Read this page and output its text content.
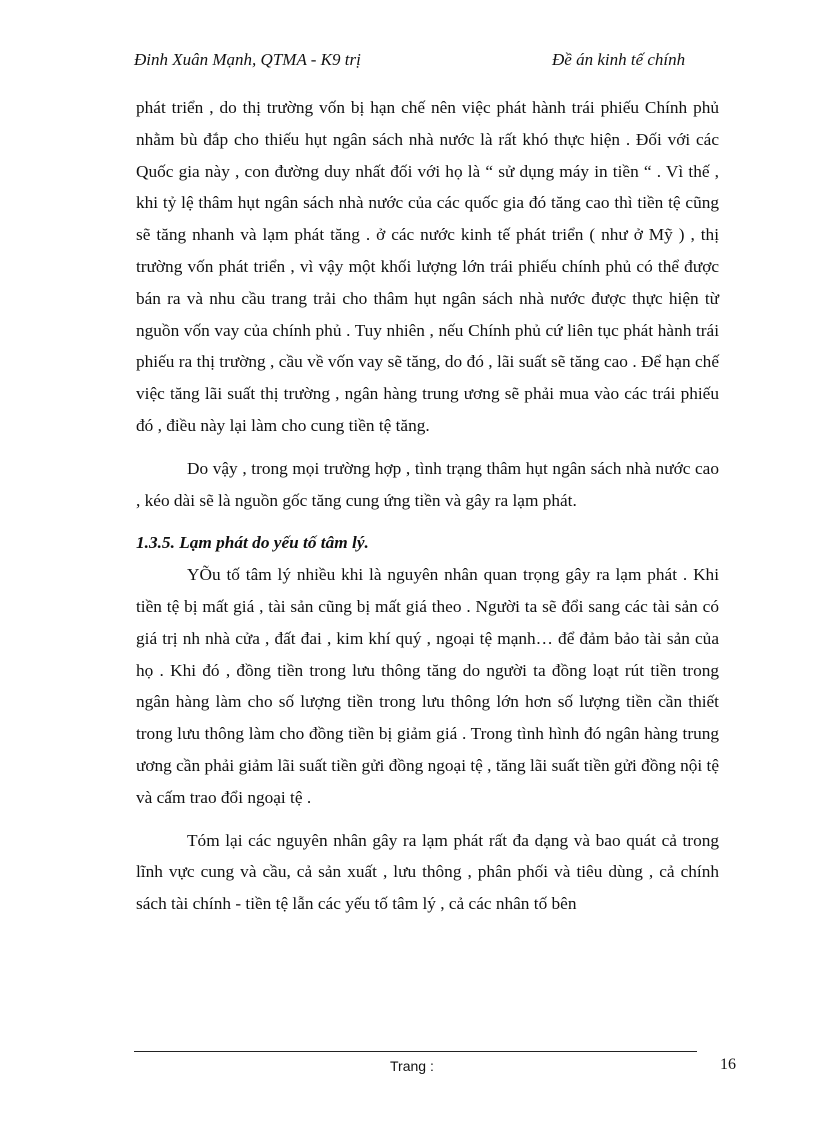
Đinh Xuân Mạnh, QTMA - K9 trị	Đề án kinh tế chính

phát triển , do thị trường vốn bị hạn chế nên việc phát hành trái phiếu Chính phủ nhằm bù đắp cho thiếu hụt ngân sách nhà nước là rất khó thực hiện . Đối với các Quốc gia này , con đường duy nhất đối với họ là “ sử dụng máy in tiền “ . Vì thế , khi tỷ lệ thâm hụt ngân sách nhà nước của các quốc gia đó tăng cao thì tiền tệ cũng sẽ tăng nhanh và lạm phát tăng . ở các nước kinh tế phát triển ( như ở Mỹ ) , thị trường vốn phát triển , vì vậy một khối lượng lớn trái phiếu chính phủ có thể được bán ra và nhu cầu trang trải cho thâm hụt ngân sách nhà nước được thực hiện từ nguồn vốn vay của chính phủ . Tuy nhiên , nếu Chính phủ cứ liên tục phát hành trái phiếu ra thị trường , cầu về vốn vay sẽ tăng, do đó , lãi suất sẽ tăng cao . Để hạn chế việc tăng lãi suất thị trường , ngân hàng trung ương sẽ phải mua vào các trái phiếu đó , điều này lại làm cho cung tiền tệ tăng.

Do vậy , trong mọi trường hợp , tình trạng thâm hụt ngân sách nhà nước cao , kéo dài sẽ là nguồn gốc tăng cung ứng tiền và gây ra lạm phát.

1.3.5. Lạm phát do yếu tố tâm lý.

YÕu tố tâm lý nhiều khi là nguyên nhân quan trọng gây ra lạm phát . Khi tiền tệ bị mất giá , tài sản cũng bị mất giá theo . Người ta sẽ đổi sang các tài sản có giá trị nh nhà cửa , đất đai , kim khí quý , ngoại tệ mạnh… để đảm bảo tài sản của họ . Khi đó , đồng tiền trong lưu thông tăng do người ta đồng loạt rút tiền trong ngân hàng làm cho số lượng tiền trong lưu thông lớn hơn số lượng tiền cần thiết trong lưu thông làm cho đồng tiền bị giảm giá . Trong tình hình đó ngân hàng trung ương cần phải giảm lãi suất tiền gửi đồng ngoại tệ , tăng lãi suất tiền gửi đồng nội tệ và cấm trao đổi ngoại tệ .

Tóm lại các nguyên nhân gây ra lạm phát rất đa dạng và bao quát cả trong lĩnh vực cung và cầu, cả sản xuất , lưu thông , phân phối và tiêu dùng , cả chính sách tài chính - tiền tệ lẫn các yếu tố tâm lý , cả các nhân tố bên

Trang :	16
